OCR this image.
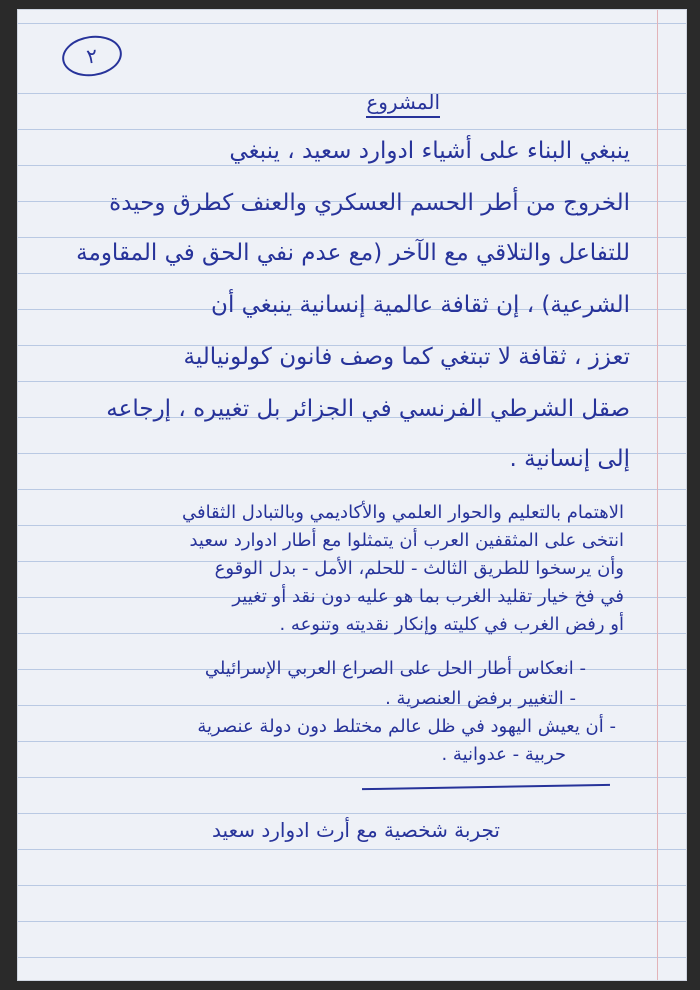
٢
المشروع
ينبغي البناء على أشياء ادوارد سعيد ، ينبغي
الخروج من أطر الحسم العسكري والعنف كطرق وحيدة
للتفاعل والتلاقي مع الآخر (مع عدم نفي الحق في المقاومة
الشرعية) ، إن ثقافة عالمية إنسانية ينبغي أن
تعزز ، ثقافة لا تبتغي كما وصف فانون كولونيالية
صقل الشرطي الفرنسي في الجزائر بل تغييره ، إرجاعه
إلى إنسانية .
الاهتمام بالتعليم والحوار العلمي والأكاديمي وبالتبادل الثقافي
انتخى على المثقفين العرب أن يتمثلوا مع أطار ادوارد سعيد
وأن يرسخوا للطريق الثالث - للحلم، الأمل - بدل الوقوع
في فخ خيار تقليد الغرب بما هو عليه دون نقد أو تغيير
أو رفض الغرب في كليته وإنكار نقديته وتنوعه .
- انعكاس أطار الحل على الصراع العربي الإسرائيلي
- التغيير برفض العنصرية .
- أن يعيش اليهود في ظل عالم مختلط دون دولة عنصرية
حربية - عدوانية .
تجربة شخصية مع أرث ادوارد سعيد
